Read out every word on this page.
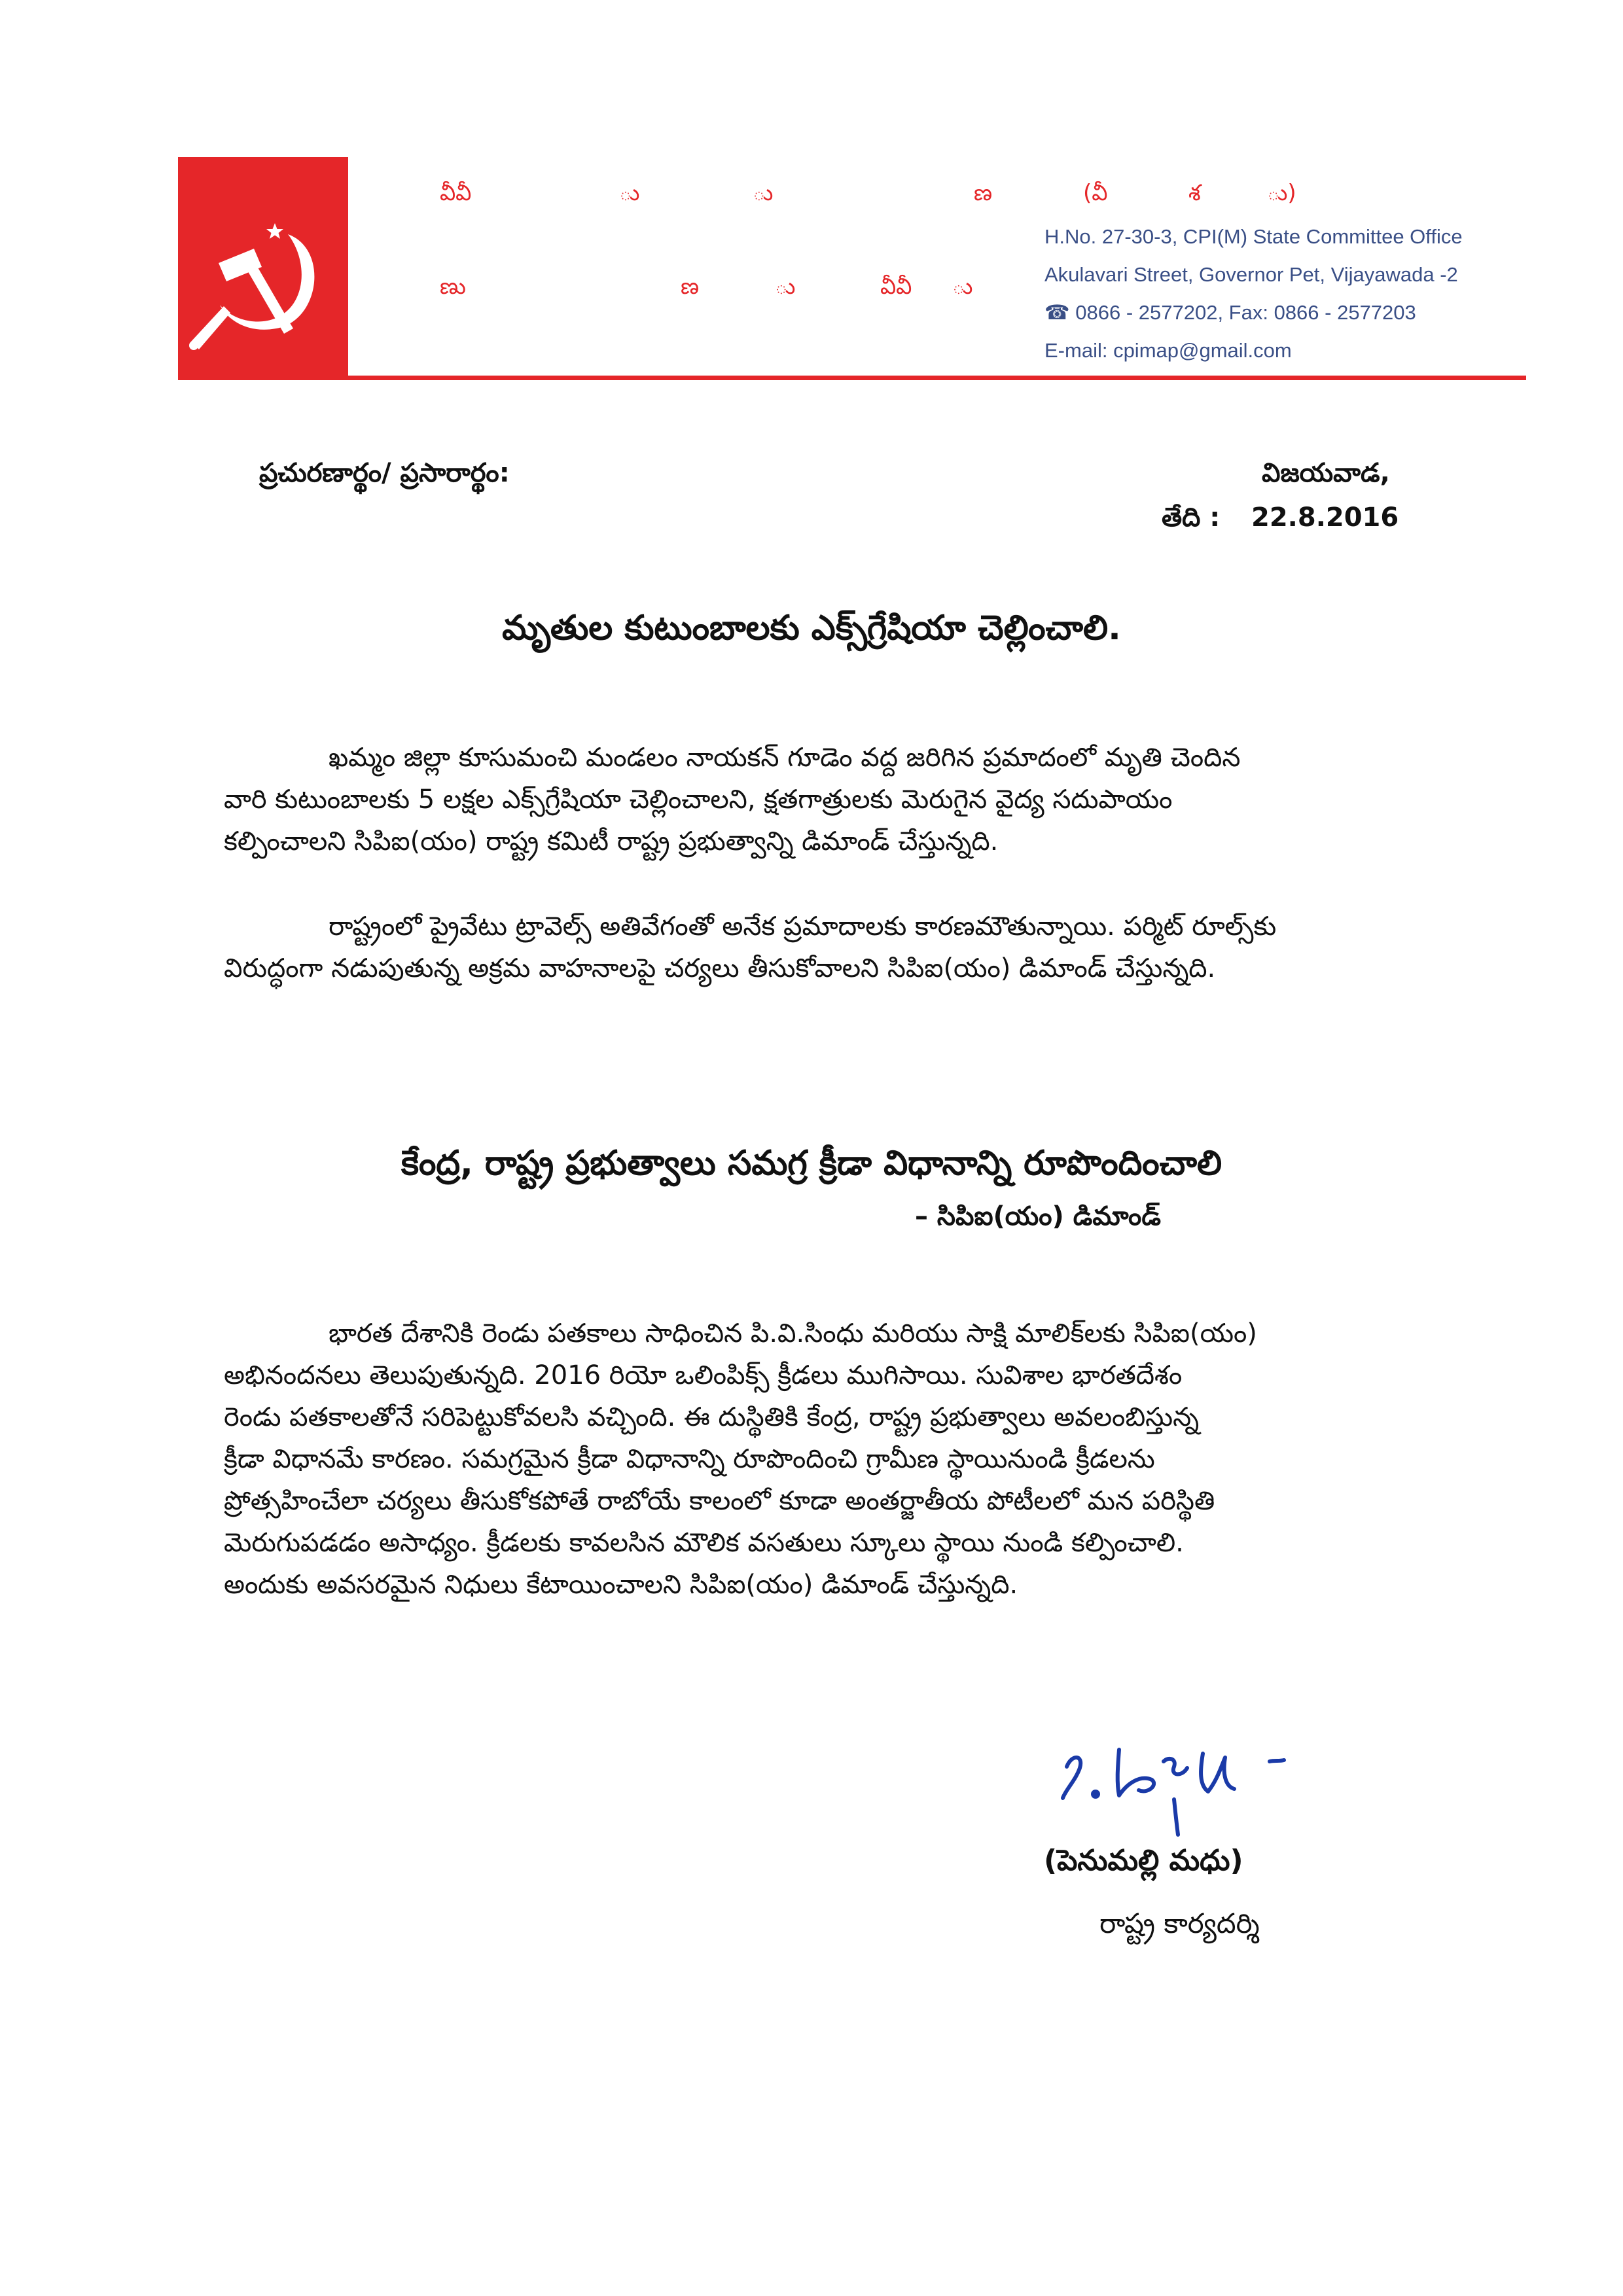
వీవీ	ు	ు	ణ	(వీ	శ	ు)
ణు	ణ	ు	వీవీ ు
H.No. 27-30-3, CPI(M) State Committee Office
Akulavari Street, Governor Pet, Vijayawada -2
☎ 0866 - 2577202, Fax: 0866 - 2577203
E-mail: cpimap@gmail.com
ప్రచురణార్థం/ ప్రసారార్థం:	విజయవాడ,
తేది : 22.8.2016
మృతుల కుటుంబాలకు ఎక్స్‌గ్రేషియా చెల్లించాలి.
ఖమ్మం జిల్లా కూసుమంచి మండలం నాయకన్‌ గూడెం వద్ద జరిగిన ప్రమాదంలో మృతి చెందిన
వారి కుటుంబాలకు 5 లక్షల ఎక్స్‌గ్రేషియా చెల్లించాలని, క్షతగాత్రులకు మెరుగైన వైద్య సదుపాయం
కల్పించాలని సిపిఐ(యం) రాష్ట్ర కమిటీ రాష్ట్ర ప్రభుత్వాన్ని డిమాండ్‌ చేస్తున్నది.
రాష్ట్రంలో ప్రైవేటు ట్రావెల్స్‌ అతివేగంతో అనేక ప్రమాదాలకు కారణమౌతున్నాయి. పర్మిట్‌ రూల్స్‌కు
విరుద్ధంగా నడుపుతున్న అక్రమ వాహనాలపై చర్యలు తీసుకోవాలని సిపిఐ(యం) డిమాండ్‌ చేస్తున్నది.
కేంద్ర, రాష్ట్ర ప్రభుత్వాలు సమగ్ర క్రీడా విధానాన్ని రూపొందించాలి
– సిపిఐ(యం) డిమాండ్‌
భారత దేశానికి రెండు పతకాలు సాధించిన పి.వి.సింధు మరియు సాక్షి మాలిక్‌లకు సిపిఐ(యం)
అభినందనలు తెలుపుతున్నది. 2016 రియో ఒలింపిక్స్‌ క్రీడలు ముగిసాయి. సువిశాల భారతదేశం
రెండు పతకాలతోనే సరిపెట్టుకోవలసి వచ్చింది. ఈ దుస్థితికి కేంద్ర, రాష్ట్ర ప్రభుత్వాలు అవలంబిస్తున్న
క్రీడా విధానమే కారణం. సమగ్రమైన క్రీడా విధానాన్ని రూపొందించి గ్రామీణ స్థాయినుండి క్రీడలను
ప్రోత్సహించేలా చర్యలు తీసుకోకపోతే రాబోయే కాలంలో కూడా అంతర్జాతీయ పోటీలలో మన పరిస్థితి
మెరుగుపడడం అసాధ్యం. క్రీడలకు కావలసిన మౌలిక వసతులు స్కూలు స్థాయి నుండి కల్పించాలి.
అందుకు అవసరమైన నిధులు కేటాయించాలని సిపిఐ(యం) డిమాండ్‌ చేస్తున్నది.
(పెనుమల్లి మధు)
రాష్ట్ర కార్యదర్శి
